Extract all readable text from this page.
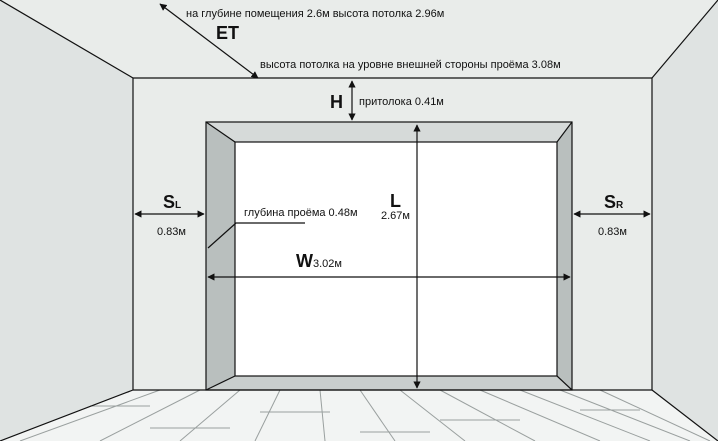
на глубине помещения 2.6м высота потолка 2.96м
ET
высота потолка на уровне внешней стороны проёма 3.08м
H притолока 0.41м
SL
0.83м
SR
0.83м
глубина проёма 0.48м
L
2.67м
W3.02м
